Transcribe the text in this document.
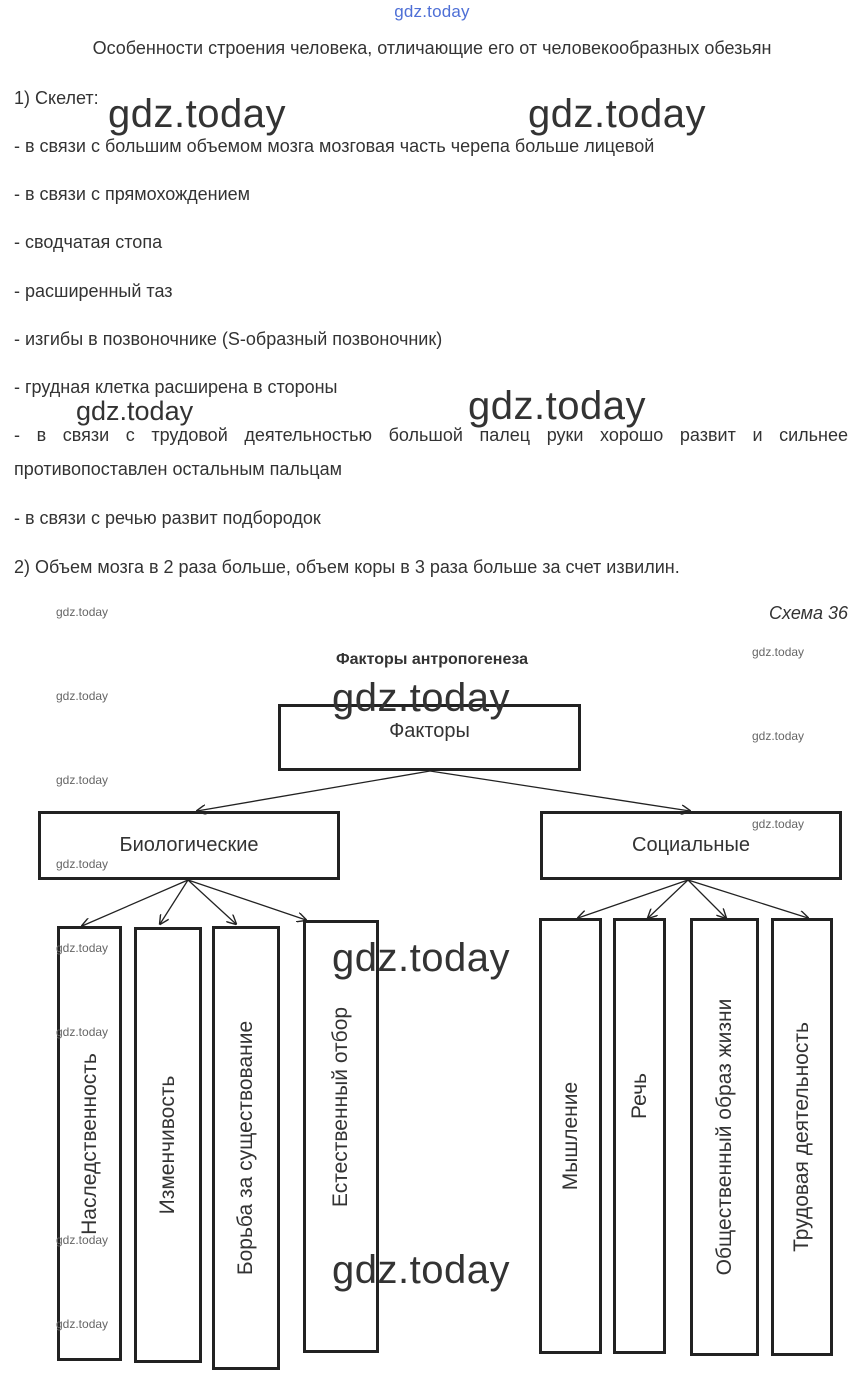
gdz.today
Особенности строения человека, отличающие его от человекообразных обезьян
1) Скелет:
- в связи с большим объемом мозга мозговая часть черепа больше лицевой
- в связи с прямохождением
- сводчатая стопа
- расширенный таз
- изгибы в позвоночнике (S-образный позвоночник)
- грудная клетка расширена в стороны
- в связи с трудовой деятельностью большой палец руки хорошо развит и сильнее
противопоставлен остальным пальцам
- в связи с речью развит подбородок
2) Объем мозга в 2 раза больше, объем коры в 3 раза больше за счет извилин.
gdz.today	gdz.today
gdz.today	gdz.today
Схема 36
Факторы антропогенеза
Факторы
Биологические	Социальные
Наследственность	Изменчивость	Борьба за существование	Естественный отбор	Мышление Речь	Общественный образ жизни	Трудовая деятельность
gdz.today
gdz.today
gdz.today
gdz.today
gdz.today
gdz.today
gdz.today
gdz.today
gdz.today
gdz.today
gdz.today
gdz.today
gdz.today
gdz.today
